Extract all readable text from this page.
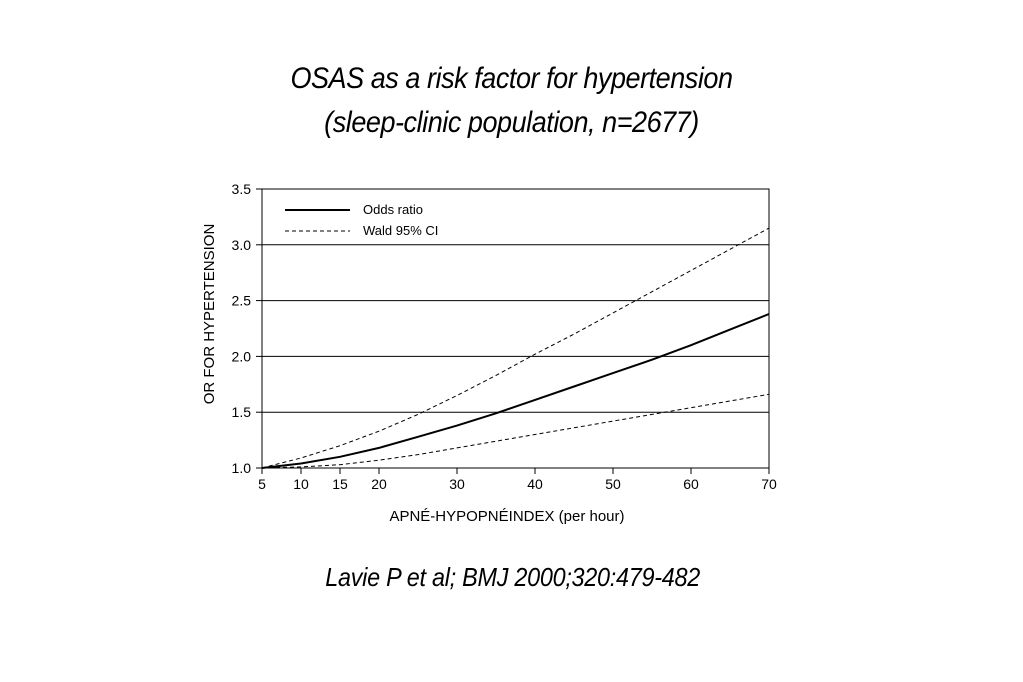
OSAS as a risk factor for hypertension
(sleep-clinic population, n=2677)
1.0
1.5
2.0
2.5
3.0
3.5
5 10 15 20	30	40	50	60	70
OR FOR HYPERTENSION
APNÉ-HYPOPNÉINDEX (per hour)
Odds ratio
Wald 95% CI
Lavie P et al; BMJ 2000;320:479-482
